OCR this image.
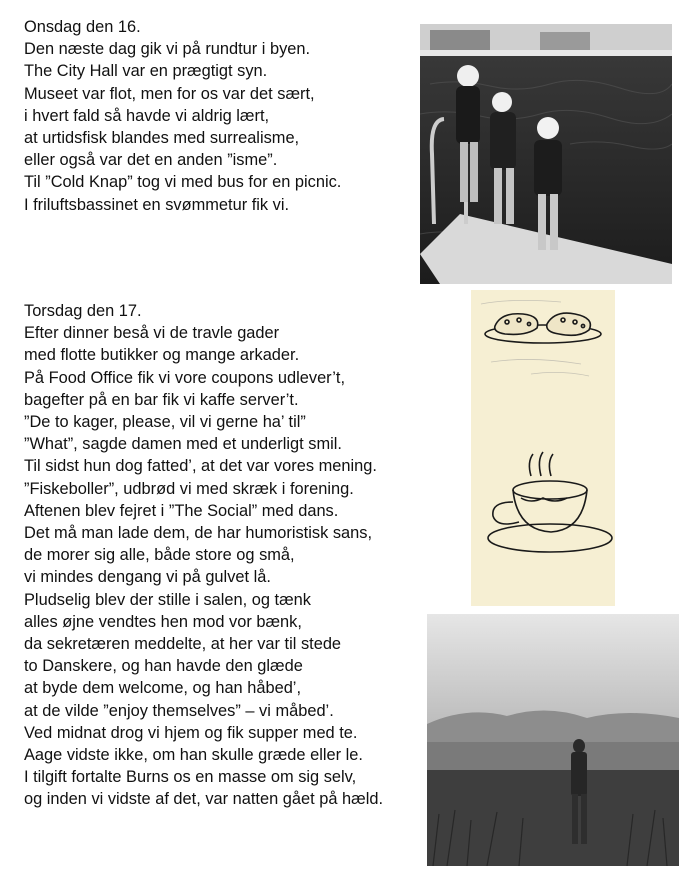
Onsdag den 16.
Den næste dag gik vi på rundtur i byen.
The City Hall var en prægtigt syn.
Museet var flot, men for os var det sært,
i hvert fald så havde vi aldrig lært,
at urtidsfisk blandes med surrealisme,
eller også var det en anden ”isme”.
Til ”Cold Knap” tog vi med bus for en picnic.
I friluftsbassinet en svømmetur fik vi.
Torsdag den 17.
Efter dinner beså vi de travle gader
med flotte butikker og mange arkader.
På Food Office fik vi vore coupons udlever’t,
bagefter på en bar fik vi kaffe server’t.
”De to kager, please, vil vi gerne ha’ til”
”What”, sagde damen med et underligt smil.
Til sidst hun dog fatted’, at det var vores mening.
”Fiskeboller”, udbrød vi med skræk i forening.
Aftenen blev fejret i ”The Social” med dans.
Det må man lade dem, de har humoristisk sans,
de morer sig alle, både store og små,
vi mindes dengang vi på gulvet lå.
Pludselig blev der stille i salen, og tænk
alles øjne vendtes hen mod vor bænk,
da sekretæren meddelte, at her var til stede
to Danskere, og han havde den glæde
at byde dem welcome, og han håbed’,
at de vilde ”enjoy themselves” – vi måbed’.
Ved midnat drog vi hjem og fik supper med te.
Aage vidste ikke, om han skulle græde eller le.
I tilgift fortalte Burns os en masse om sig selv,
og inden vi vidste af det, var natten gået på hæld.
